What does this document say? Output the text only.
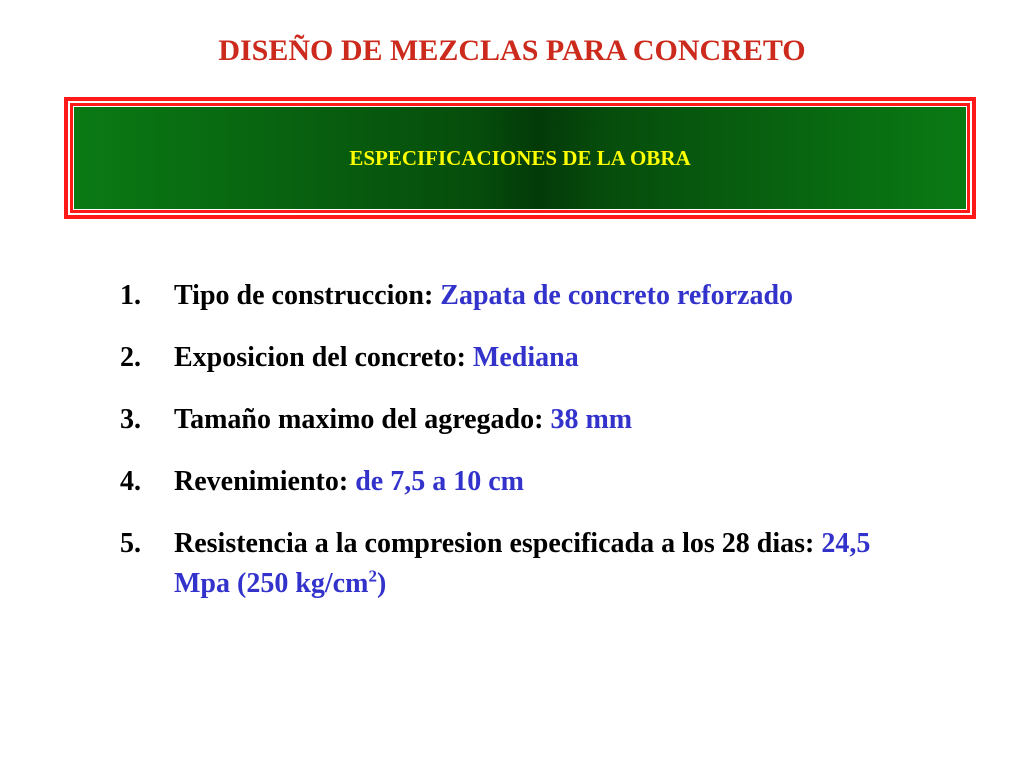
DISEÑO DE MEZCLAS PARA CONCRETO
ESPECIFICACIONES DE LA OBRA
1.	Tipo de construccion: Zapata de concreto reforzado
2.	Exposicion del concreto: Mediana
3.	Tamaño maximo del agregado: 38 mm
4.	Revenimiento: de 7,5 a 10 cm
5.	Resistencia a la compresion especificada a los 28 dias: 24,5 Mpa (250 $kg/cm^2$)
